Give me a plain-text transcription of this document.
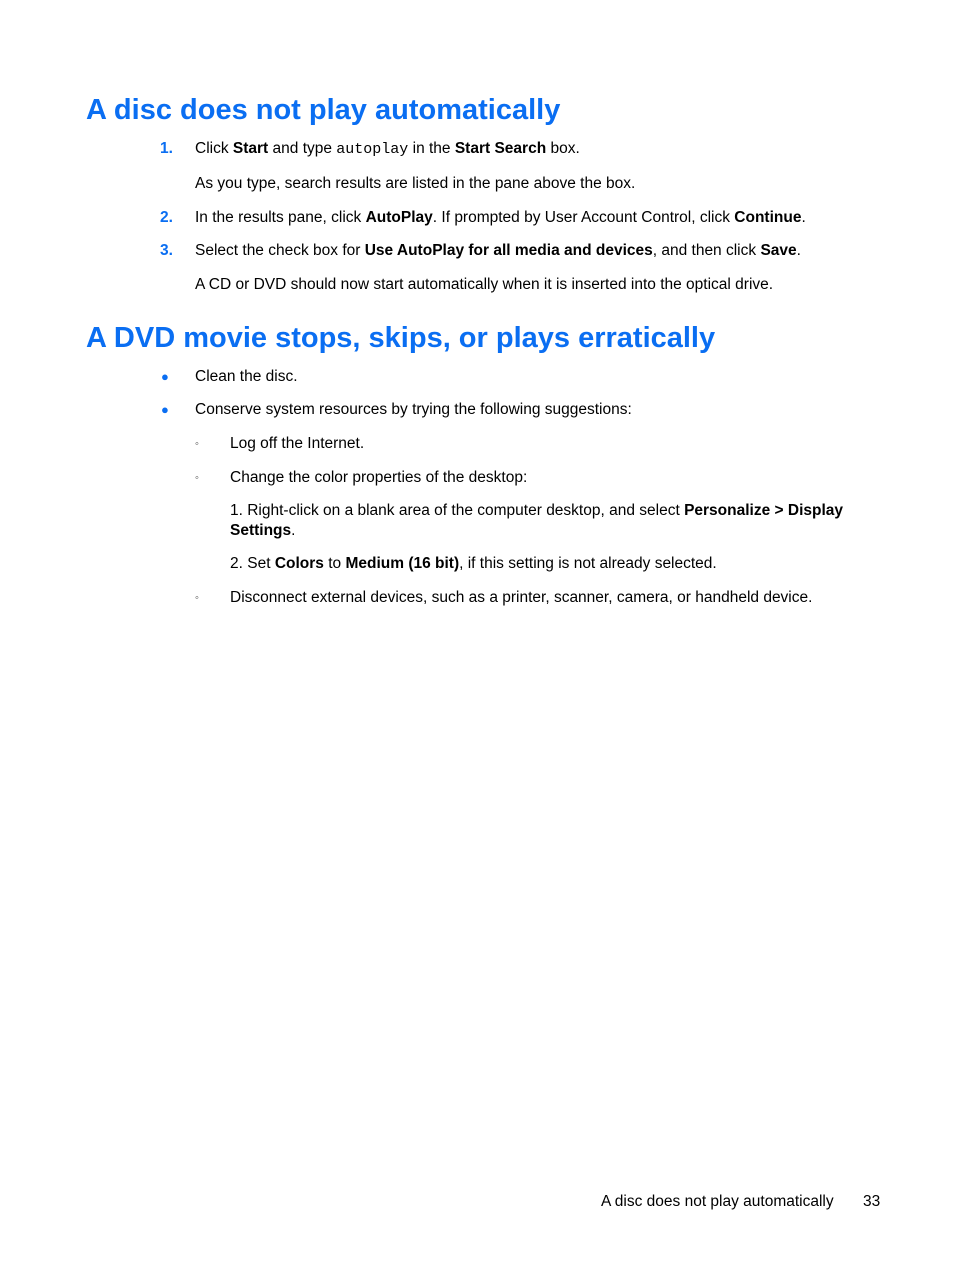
A disc does not play automatically
1. Click Start and type autoplay in the Start Search box.
As you type, search results are listed in the pane above the box.
2. In the results pane, click AutoPlay. If prompted by User Account Control, click Continue.
3. Select the check box for Use AutoPlay for all media and devices, and then click Save.
A CD or DVD should now start automatically when it is inserted into the optical drive.
A DVD movie stops, skips, or plays erratically
● Clean the disc.
● Conserve system resources by trying the following suggestions:
◦ Log off the Internet.
◦ Change the color properties of the desktop:
1. Right-click on a blank area of the computer desktop, and select Personalize > Display
Settings.
2. Set Colors to Medium (16 bit), if this setting is not already selected.
◦ Disconnect external devices, such as a printer, scanner, camera, or handheld device.
A disc does not play automatically 33
